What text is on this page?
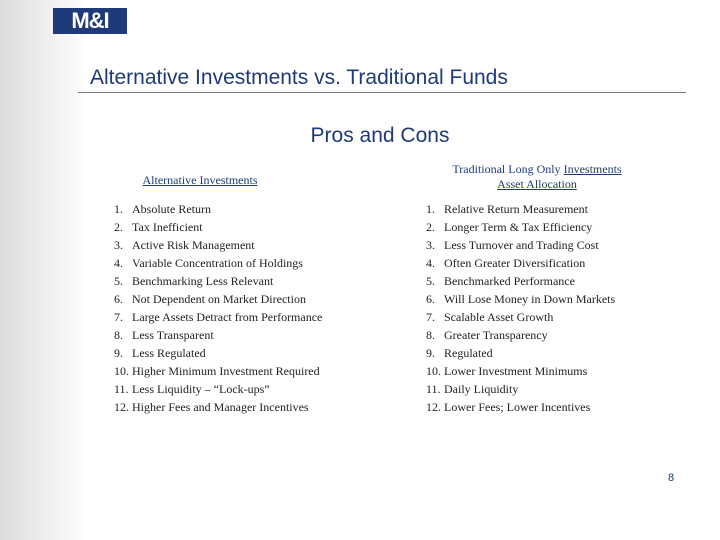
M&I
Alternative Investments vs. Traditional Funds
Pros and Cons
Alternative Investments
Traditional Long Only Investments
Asset Allocation
1. Absolute Return
2. Tax Inefficient
3. Active Risk Management
4. Variable Concentration of Holdings
5. Benchmarking Less Relevant
6. Not Dependent on Market Direction
7. Large Assets Detract from Performance
8. Less Transparent
9. Less Regulated
10. Higher Minimum Investment Required
11. Less Liquidity – “Lock-ups”
12. Higher Fees and Manager Incentives
1. Relative Return Measurement
2. Longer Term & Tax Efficiency
3. Less Turnover and Trading Cost
4. Often Greater Diversification
5. Benchmarked Performance
6. Will Lose Money in Down Markets
7. Scalable Asset Growth
8. Greater Transparency
9. Regulated
10. Lower Investment Minimums
11. Daily Liquidity
12. Lower Fees; Lower Incentives
8
